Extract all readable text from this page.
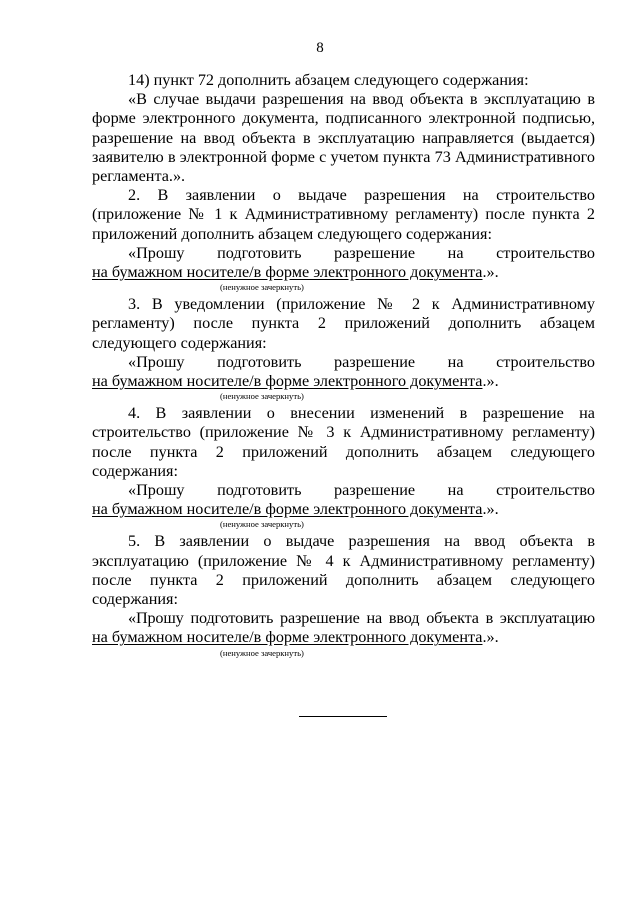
8

14) пункт 72 дополнить абзацем следующего содержания:

«В случае выдачи разрешения на ввод объекта в эксплуатацию в форме электронного документа, подписанного электронной подписью, разрешение на ввод объекта в эксплуатацию направляется (выдается) заявителю в электронной форме с учетом пункта 73 Административного регламента.».

2. В заявлении о выдаче разрешения на строительство (приложение № 1 к Административному регламенту) после пункта 2 приложений дополнить абзацем следующего содержания:

«Прошу подготовить разрешение на строительство

на бумажном носителе/в форме электронного документа.».

(ненужное зачеркнуть)

3. В уведомлении (приложение № 2 к Административному регламенту) после пункта 2 приложений дополнить абзацем следующего содержания:

«Прошу подготовить разрешение на строительство

на бумажном носителе/в форме электронного документа.».

(ненужное зачеркнуть)

4. В заявлении о внесении изменений в разрешение на строительство (приложение № 3 к Административному регламенту) после пункта 2 приложений дополнить абзацем следующего содержания:

«Прошу подготовить разрешение на строительство

на бумажном носителе/в форме электронного документа.».

(ненужное зачеркнуть)

5. В заявлении о выдаче разрешения на ввод объекта в эксплуатацию (приложение № 4 к Административному регламенту) после пункта 2 приложений дополнить абзацем следующего содержания:

«Прошу подготовить разрешение на ввод объекта в эксплуатацию

на бумажном носителе/в форме электронного документа.».

(ненужное зачеркнуть)
